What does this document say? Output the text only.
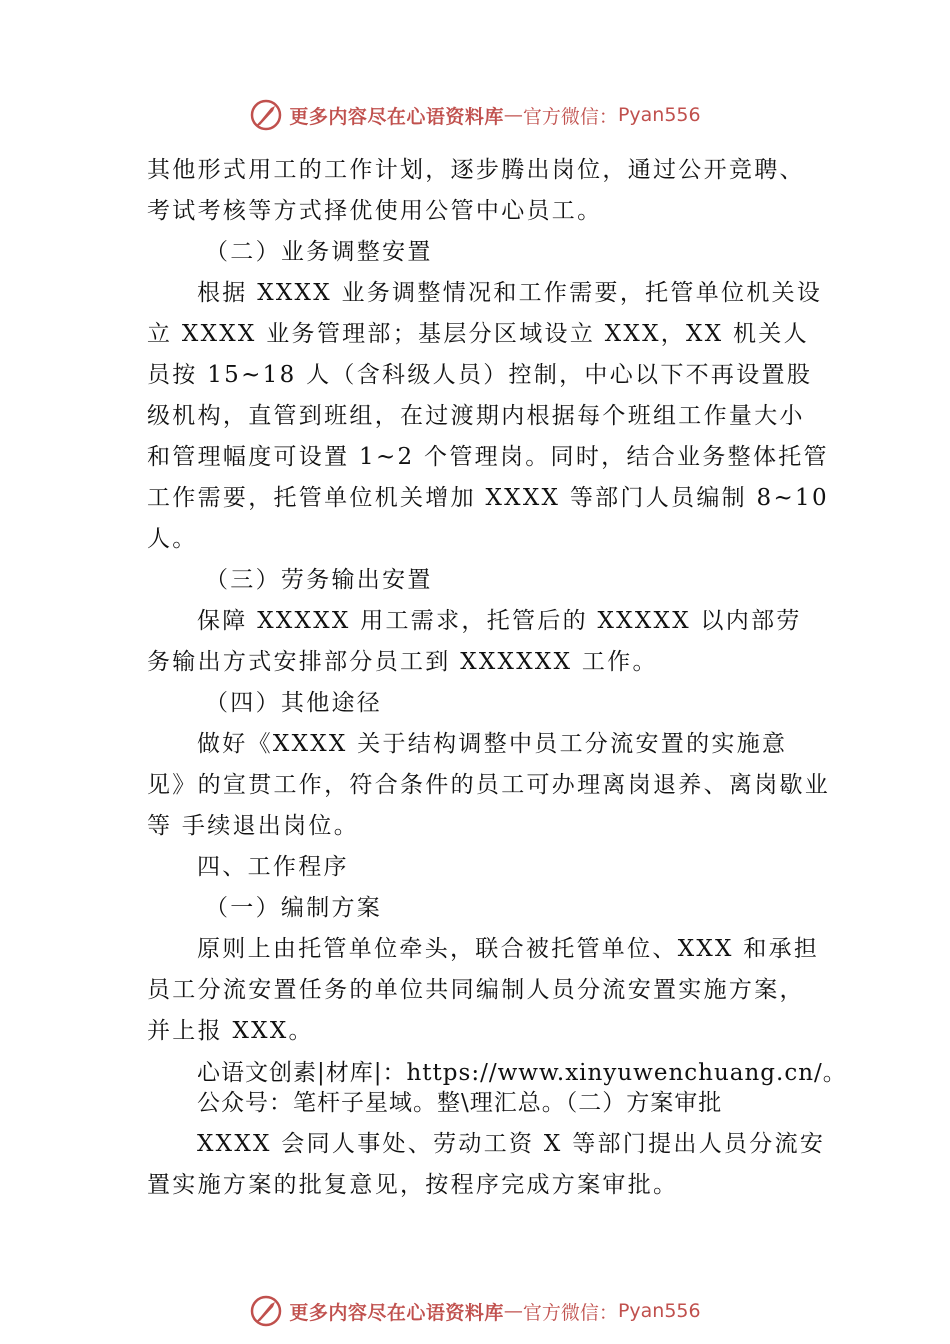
更多内容尽在心语资料库 — 官方微信： Pyan556
其他形式用工的工作计划，逐步腾出岗位，通过公开竞聘、
考试考核等方式择优使用公管中心员工。
（二）业务调整安置
根据 XXXX 业务调整情况和工作需要，托管单位机关设
立 XXXX 业务管理部；基层分区域设立 XXX，XX 机关人
员按 15~18 人（含科级人员）控制，中心以下不再设置股
级机构，直管到班组，在过渡期内根据每个班组工作量大小
和管理幅度可设置 1~2 个管理岗。同时，结合业务整体托管
工作需要，托管单位机关增加 XXXX 等部门人员编制 8~10
人。
（三）劳务输出安置
保障 XXXXX 用工需求，托管后的 XXXXX 以内部劳
务输出方式安排部分员工到 XXXXXX 工作。
（四）其他途径
做好《XXXX 关于结构调整中员工分流安置的实施意
见》的宣贯工作，符合条件的员工可办理离岗退养、离岗歇业
等 手续退出岗位。
四、工作程序
（一）编制方案
原则上由托管单位牵头，联合被托管单位、XXX 和承担
员工分流安置任务的单位共同编制人员分流安置实施方案，
并上报 XXX。
心语文创素|材库|：https://www.xinyuwenchuang.cn/。
公众号：笔杆子星域。整\理汇总。（二）方案审批
XXXX 会同人事处、劳动工资 X 等部门提出人员分流安
置实施方案的批复意见，按程序完成方案审批。
更多内容尽在心语资料库 — 官方微信： Pyan556
